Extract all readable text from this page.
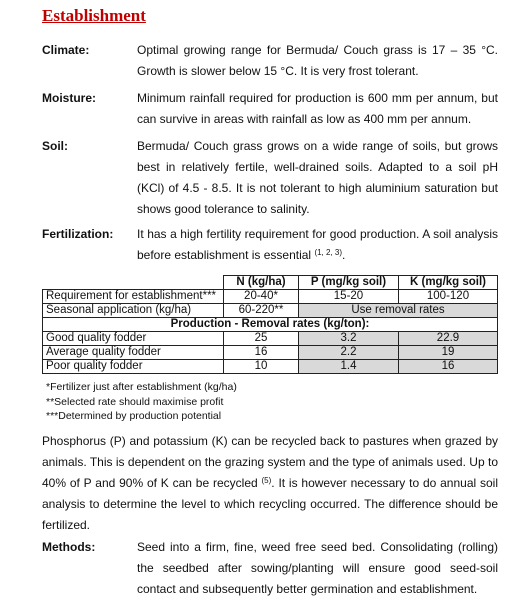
Establishment
Climate:	Optimal growing range for Bermuda/ Couch grass is 17 – 35 °C. Growth is slower below 15 °C. It is very frost tolerant.
Moisture:	Minimum rainfall required for production is 600 mm per annum, but can survive in areas with rainfall as low as 400 mm per annum.
Soil:	Bermuda/ Couch grass grows on a wide range of soils, but grows best in relatively fertile, well-drained soils. Adapted to a soil pH (KCl) of 4.5 - 8.5. It is not tolerant to high aluminium saturation but shows good tolerance to salinity.
Fertilization: It has a high fertility requirement for good production. A soil analysis before establishment is essential $^{(1, 2, 3)}$.
	N (kg/ha)	P (mg/kg soil)	K (mg/kg soil)
Requirement for establishment***	20-40*	15-20	100-120
Seasonal application (kg/ha)	60-220**	Use removal rates	
Production - Removal rates (kg/ton):			
Good quality fodder	25	3.2	22.9
Average quality fodder	16	2.2	19
Poor quality fodder	10	1.4	16
*Fertilizer just after establishment (kg/ha)
**Selected rate should maximise profit
***Determined by production potential
Phosphorus (P) and potassium (K) can be recycled back to pastures when grazed by animals. This is dependent on the grazing system and the type of animals used. Up to 40% of P and 90% of K can be recycled $^{(5)}$. It is however necessary to do annual soil analysis to determine the level to which recycling occurred. The difference should be fertilized.
Methods:	Seed into a firm, fine, weed free seed bed. Consolidating (rolling) the seedbed after sowing/planting will ensure good seed-soil contact and subsequently better germination and establishment.
